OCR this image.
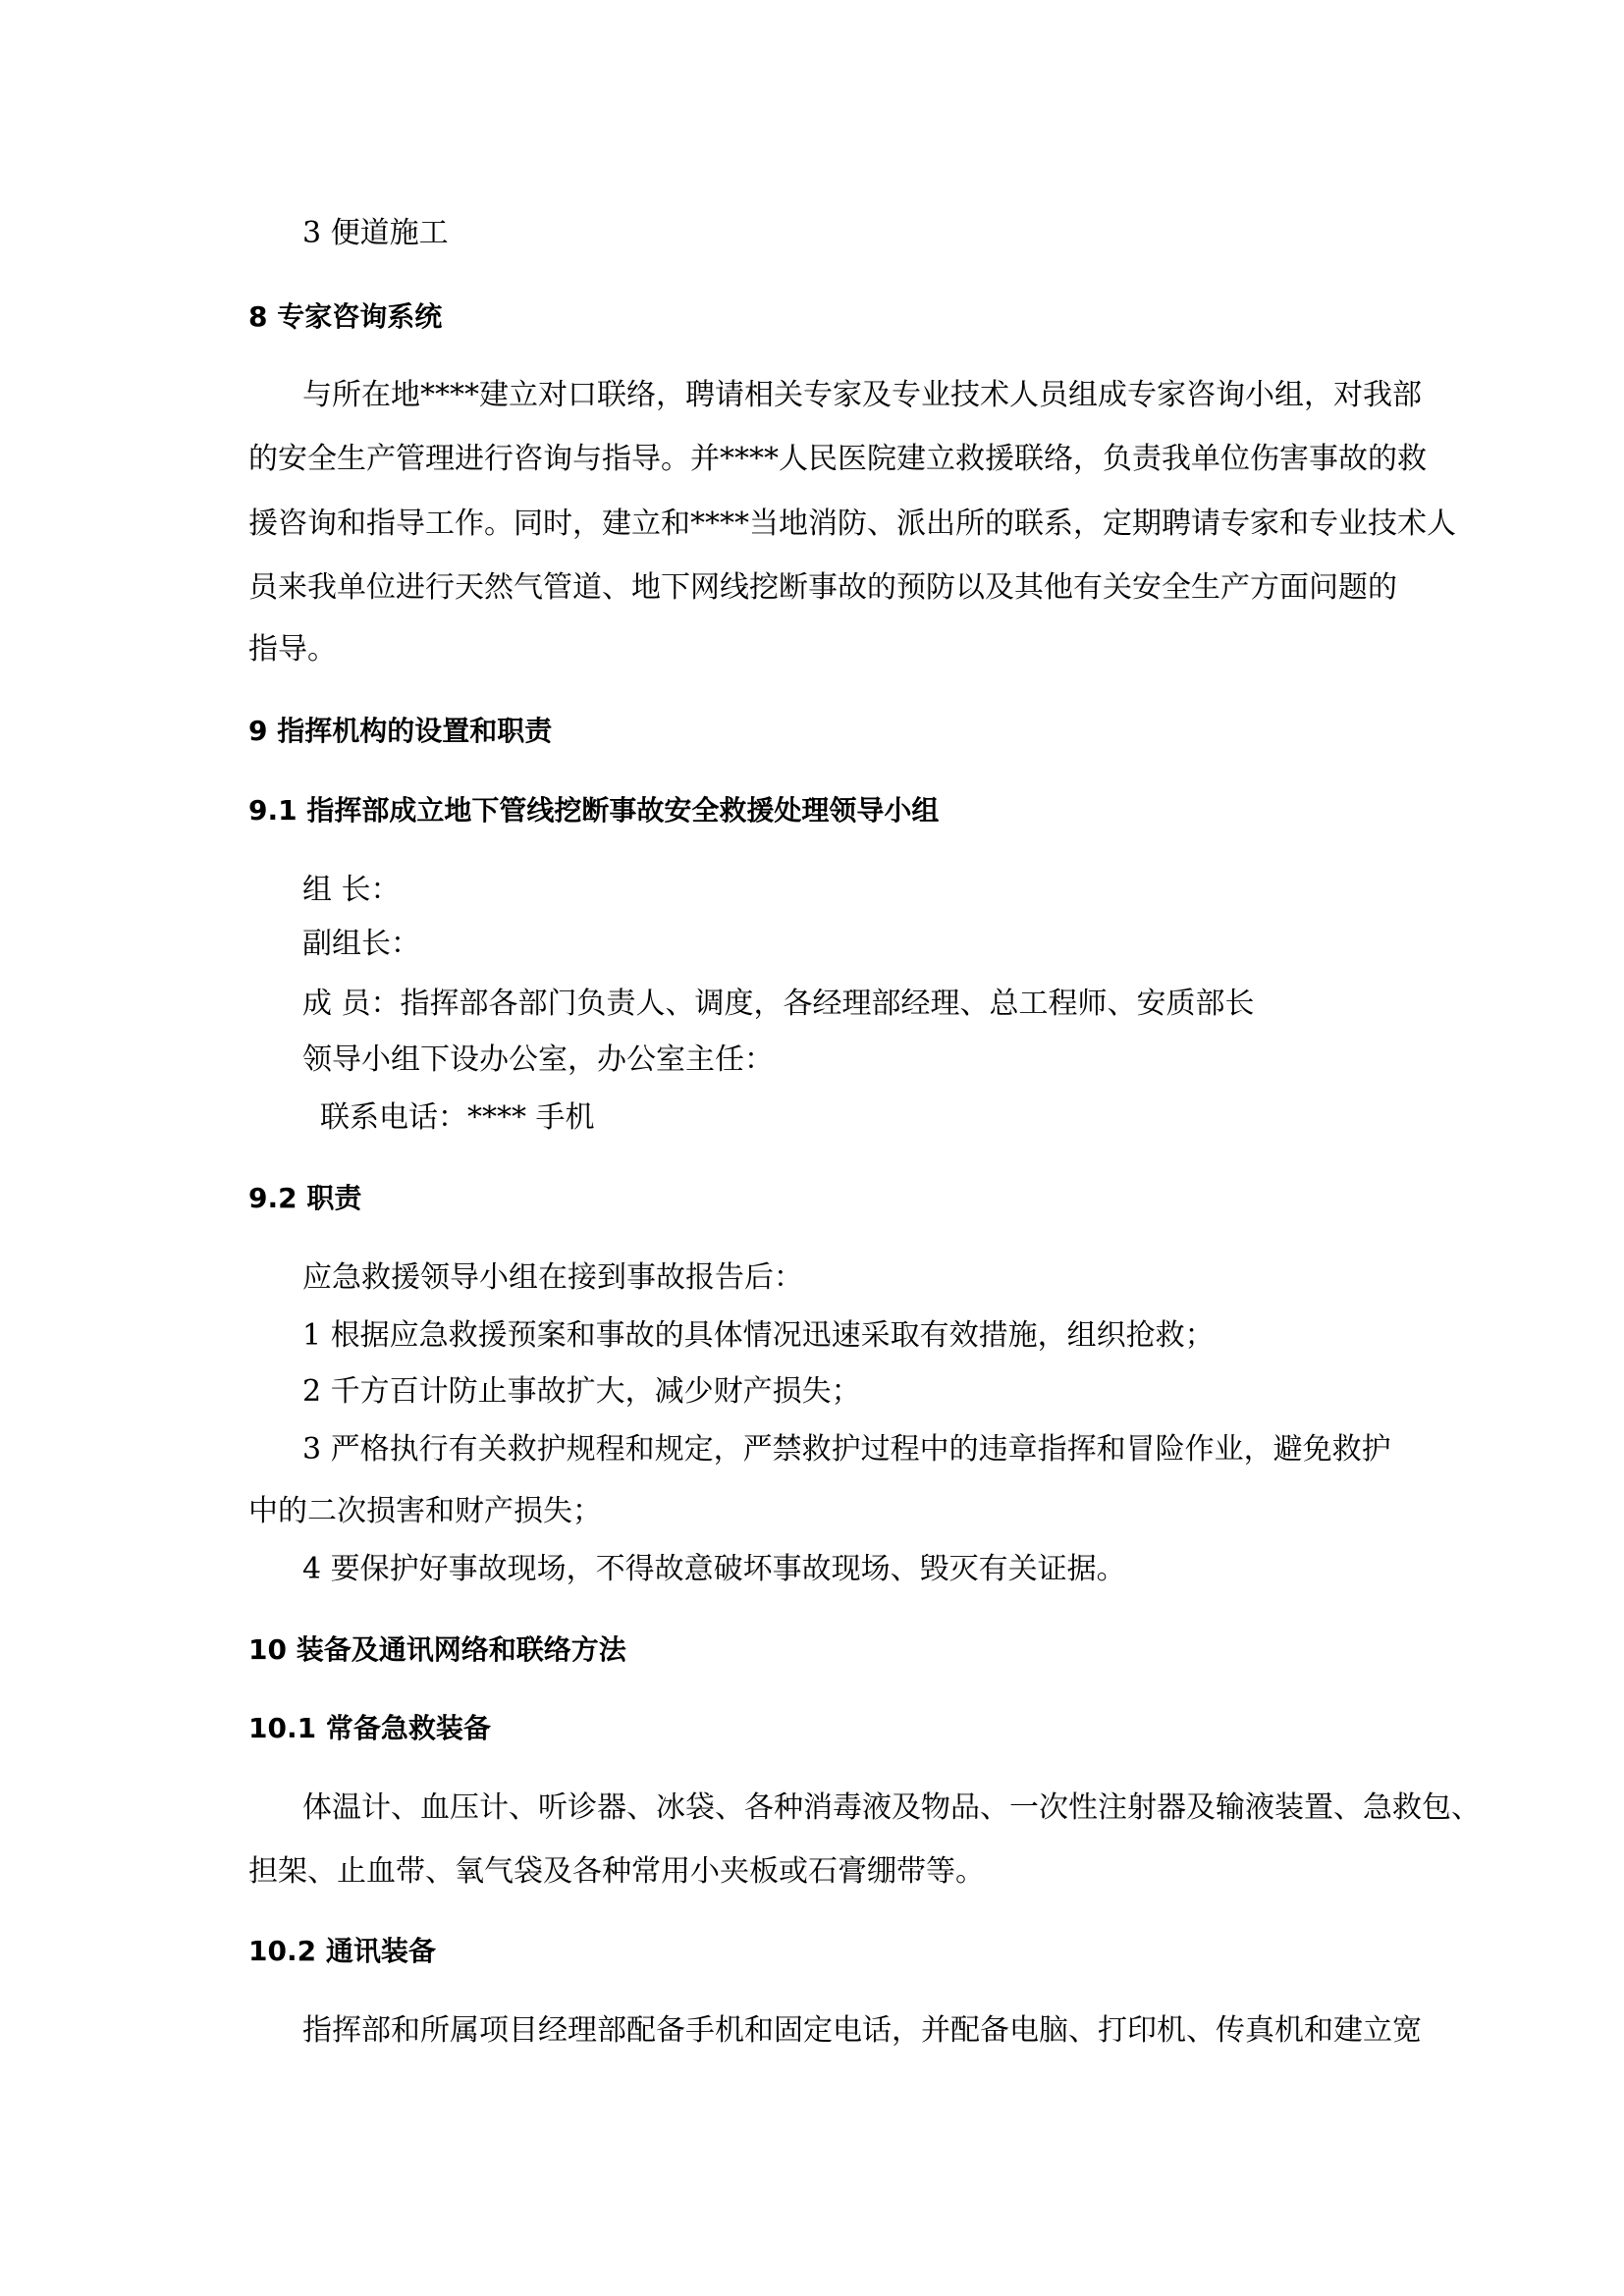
3 便道施工
8 专家咨询系统
与所在地****建立对口联络，聘请相关专家及专业技术人员组成专家咨询小组，对我部
的安全生产管理进行咨询与指导。并****人民医院建立救援联络，负责我单位伤害事故的救
援咨询和指导工作。同时，建立和****当地消防、派出所的联系，定期聘请专家和专业技术人
员来我单位进行天然气管道、地下网线挖断事故的预防以及其他有关安全生产方面问题的
指导。
9 指挥机构的设置和职责
9.1 指挥部成立地下管线挖断事故安全救援处理领导小组
组 长：
副组长：
成 员：指挥部各部门负责人、调度，各经理部经理、总工程师、安质部长
领导小组下设办公室，办公室主任：
联系电话：**** 手机
9.2 职责
应急救援领导小组在接到事故报告后：
1 根据应急救援预案和事故的具体情况迅速采取有效措施，组织抢救；
2 千方百计防止事故扩大，减少财产损失；
3 严格执行有关救护规程和规定，严禁救护过程中的违章指挥和冒险作业，避免救护
中的二次损害和财产损失；
4 要保护好事故现场，不得故意破坏事故现场、毁灭有关证据。
10 装备及通讯网络和联络方法
10.1 常备急救装备
体温计、血压计、听诊器、冰袋、各种消毒液及物品、一次性注射器及输液装置、急救包、
担架、止血带、氧气袋及各种常用小夹板或石膏绷带等。
10.2 通讯装备
指挥部和所属项目经理部配备手机和固定电话，并配备电脑、打印机、传真机和建立宽
